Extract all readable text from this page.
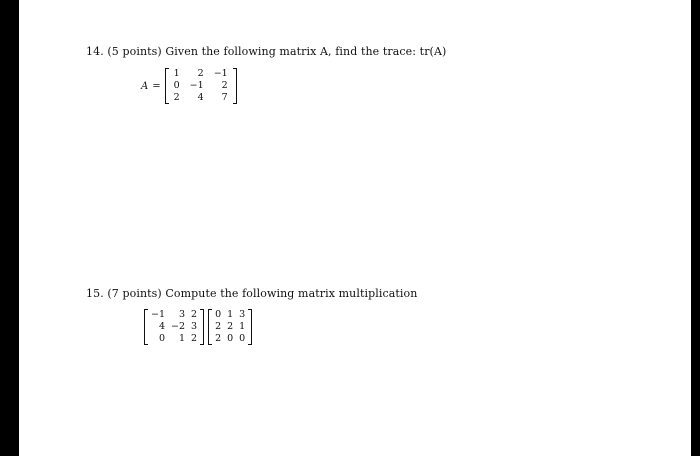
14. (5 points) Given the following matrix A, find the trace: tr(A)
A =
1	2	−1
0	−1	2
2	4	7
15. (7 points) Compute the following matrix multiplication
−1	3	2
4	−2	3
0	1	2
0	1	3
2	2	1
2	0	0
